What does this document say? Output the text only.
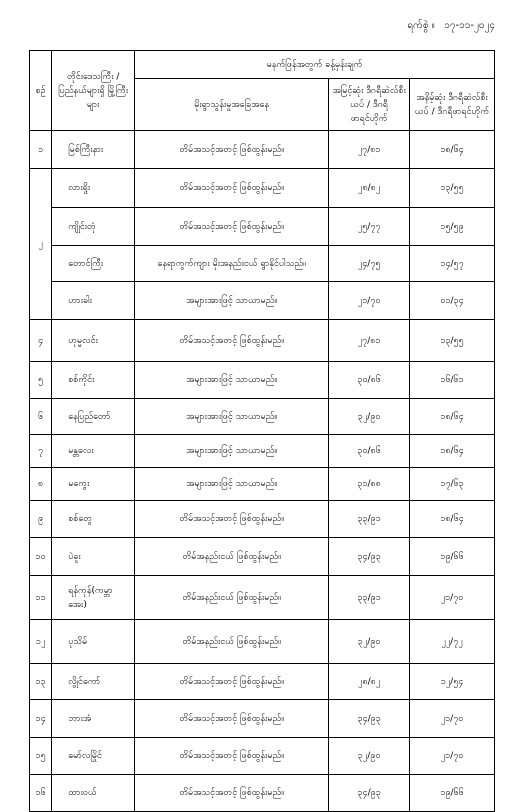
ရက်စွဲ ။   ၁၇-၁၁-၂၀၂၄
စဉ်	တိုင်းဒေသကြီး / ပြည်နယ်များရှိ မြို့ကြီးများ	မနက်ဖြန်အတွက် ခန့်မှန်းချက်		
		မိုးရွာသွန်းမှုအခြေအနေ	အမြင့်ဆုံး ဒီဂရီဆဲလ်စီးယပ် / ဒီဂရီဖာရင်ဟိုက်	အနိမ့်ဆုံး ဒီဂရီဆဲလ်စီးယပ် / ဒီဂရီဖာရင်ဟိုက်
၁	မြစ်ကြီးနား	တိမ်အသင့်အတင့် ဖြစ်ထွန်းမည်။	၂၇/၈၁	၁၈/၆၄
၂	လားရှိုး	တိမ်အသင့်အတင့် ဖြစ်ထွန်းမည်။	၂၈/၈၂	၁၃/၅၅
	ကျိုင်းတုံ	တိမ်အသင့်အတင့် ဖြစ်ထွန်းမည်။	၂၅/၇၇	၁၅/၅၉
	တောင်ကြီး	နေရာကွက်ကျား မိုးအနည်းငယ် ရွာနိုင်ပါသည်။	၂၄/၇၅	၁၄/၅၇
	ဟားခါး	အများအားဖြင့် သာယာမည်။	၂၁/၇၀	၀၁/၃၄
၄	ဟုမ္မလင်း	တိမ်အသင့်အတင့် ဖြစ်ထွန်းမည်။	၂၇/၈၁	၁၃/၅၅
၅	စစ်ကိုင်း	အများအားဖြင့် သာယာမည်။	၃၀/၈၆	၁၆/၆၁
၆	နေပြည်တော်	အများအားဖြင့် သာယာမည်။	၃၂/၉၀	၁၈/၆၄
၇	မန္တလေး	အများအားဖြင့် သာယာမည်။	၃၀/၈၆	၁၈/၆၄
၈	မကွေး	အများအားဖြင့် သာယာမည်။	၃၁/၈၈	၁၇/၆၃
၉	စစ်တွေ	တိမ်အသင့်အတင့် ဖြစ်ထွန်းမည်။	၃၃/၉၁	၁၈/၆၄
၁၀	ပဲခူး	တိမ်အနည်းငယ် ဖြစ်ထွန်းမည်။	၃၄/၉၃	၁၉/၆၆
၁၁	ရန်ကုန်(ကမ္ဘာအေး)	တိမ်အနည်းငယ် ဖြစ်ထွန်းမည်။	၃၃/၉၁	၂၁/၇၀
၁၂	ပုသိမ်	တိမ်အနည်းငယ် ဖြစ်ထွန်းမည်။	၃၂/၉၀	၂၂/၇၂
၁၃	လွိုင်ကော်	တိမ်အသင့်အတင့် ဖြစ်ထွန်းမည်။	၂၈/၈၂	၁၂/၅၄
၁၄	ဘားအံ	တိမ်အသင့်အတင့် ဖြစ်ထွန်းမည်။	၃၄/၉၃	၂၁/၇၀
၁၅	မော်လမြိုင်	တိမ်အသင့်အတင့် ဖြစ်ထွန်းမည်။	၃၂/၉၀	၂၁/၇၀
၁၆	ထားဝယ်	တိမ်အသင့်အတင့် ဖြစ်ထွန်းမည်။	၃၄/၉၃	၁၉/၆၆
